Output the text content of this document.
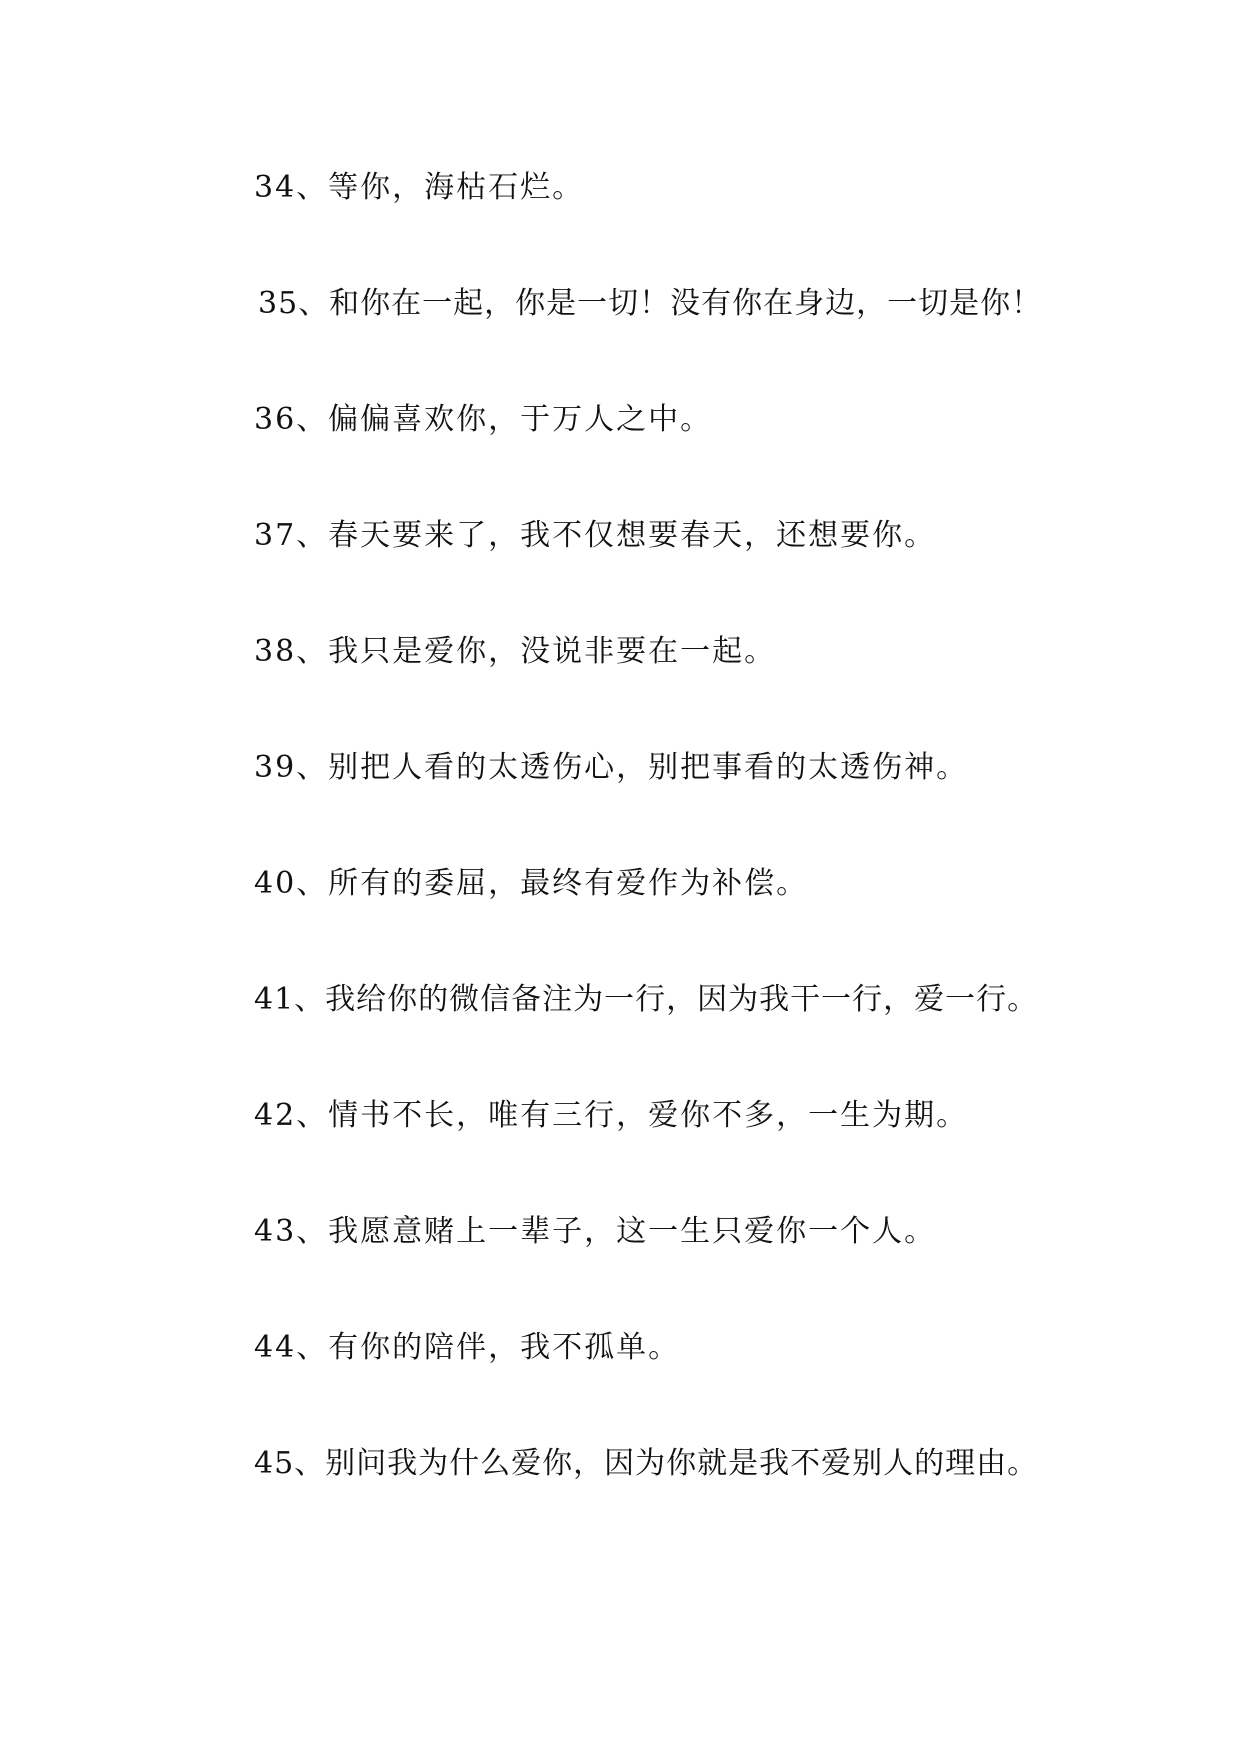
34、等你，海枯石烂。
35、和你在一起，你是一切！没有你在身边，一切是你！
36、偏偏喜欢你，于万人之中。
37、春天要来了，我不仅想要春天，还想要你。
38、我只是爱你，没说非要在一起。
39、别把人看的太透伤心，别把事看的太透伤神。
40、所有的委屈，最终有爱作为补偿。
41、我给你的微信备注为一行，因为我干一行，爱一行。
42、情书不长，唯有三行，爱你不多，一生为期。
43、我愿意赌上一辈子，这一生只爱你一个人。
44、有你的陪伴，我不孤单。
45、别问我为什么爱你，因为你就是我不爱别人的理由。
